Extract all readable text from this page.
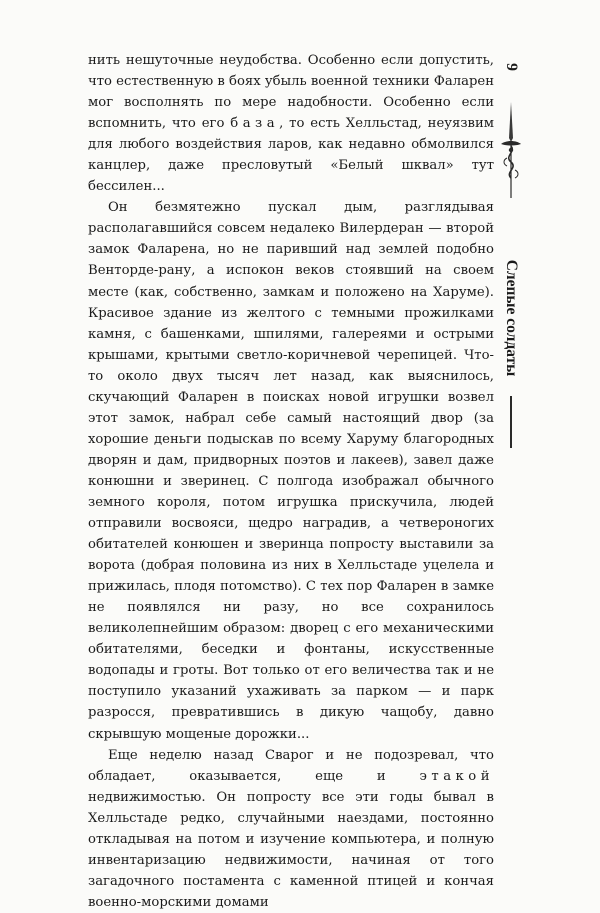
нить нешуточные неудобства. Особенно если допустить, что естественную в боях убыль военной техники Фаларен мог восполнять по мере надобности. Особенно если вспомнить, что его база, то есть Хелльстад, неуязвим для любого воздействия ларов, как недавно обмолвился канцлер, даже пресловутый «Белый шквал» тут бессилен...

Он безмятежно пускал дым, разглядывая располагавшийся совсем недалеко Вилердеран — второй замок Фаларена, но не паривший над землей подобно Венторде-рану, а испокон веков стоявший на своем месте (как, собственно, замкам и положено на Харуме). Красивое здание из желтого с темными прожилками камня, с башенками, шпилями, галереями и острыми крышами, крытыми светло-коричневой черепицей. Что-то около двух тысяч лет назад, как выяснилось, скучающий Фаларен в поисках новой игрушки возвел этот замок, набрал себе самый настоящий двор (за хорошие деньги подыскав по всему Харуму благородных дворян и дам, придворных поэтов и лакеев), завел даже конюшни и зверинец. С полгода изображал обычного земного короля, потом игрушка прискучила, людей отправили восвояси, щедро наградив, а четвероногих обитателей конюшен и зверинца попросту выставили за ворота (добрая половина из них в Хелльстаде уцелела и прижилась, плодя потомство). С тех пор Фаларен в замке не появлялся ни разу, но все сохранилось великолепнейшим образом: дворец с его механическими обитателями, беседки и фонтаны, искусственные водопады и гроты. Вот только от его величества так и не поступило указаний ухаживать за парком — и парк разросся, превратившись в дикую чащобу, давно скрывшую мощеные дорожки...

Еще неделю назад Сварог и не подозревал, что обладает, оказывается, еще и этакой недвижимостью. Он попросту все эти годы бывал в Хелльстаде редко, случайными наездами, постоянно откладывая на потом и изучение компьютера, и полную инвентаризацию недвижимости, начиная от того загадочного постамента с каменной птицей и кончая военно-морскими домами

9
Слепые солдаты
